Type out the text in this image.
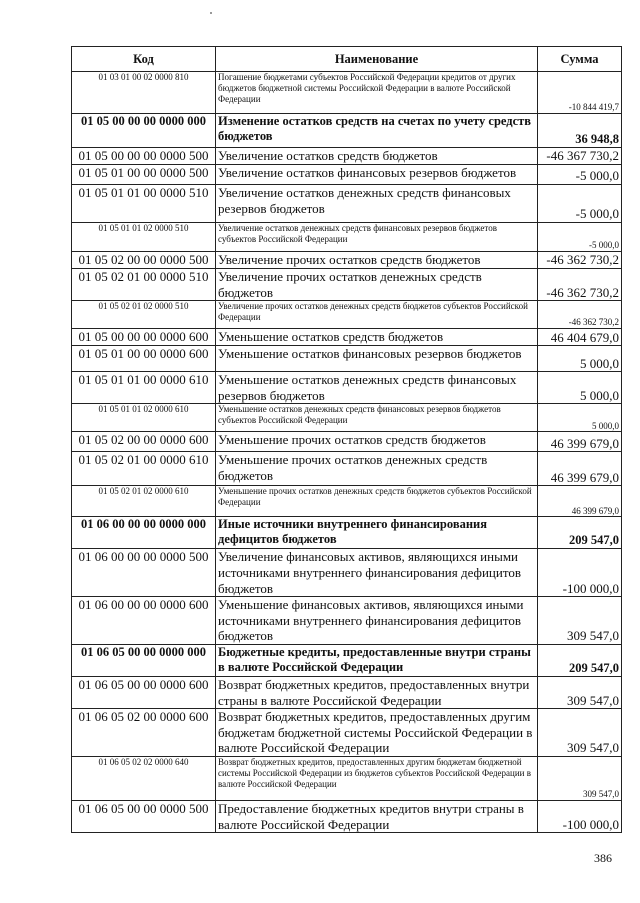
Код	Наименование	Сумма
01 03 01 00 02 0000 810	Погашение бюджетами субъектов Российской Федерации кредитов от других бюджетов бюджетной системы Российской Федерации в валюте Российской Федерации	-10 844 419,7
01 05 00 00 00 0000 000	Изменение остатков средств на счетах по учету средств бюджетов	36 948,8
01 05 00 00 00 0000 500	Увеличение остатков средств бюджетов	-46 367 730,2
01 05 01 00 00 0000 500	Увеличение остатков финансовых резервов бюджетов	-5 000,0
01 05 01 01 00 0000 510	Увеличение остатков денежных средств финансовых резервов бюджетов	-5 000,0
01 05 01 01 02 0000 510	Увеличение остатков денежных средств финансовых резервов бюджетов субъектов Российской Федерации	-5 000,0
01 05 02 00 00 0000 500	Увеличение прочих остатков средств бюджетов	-46 362 730,2
01 05 02 01 00 0000 510	Увеличение прочих остатков денежных средств бюджетов	-46 362 730,2
01 05 02 01 02 0000 510	Увеличение прочих остатков денежных средств бюджетов субъектов Российской Федерации	-46 362 730,2
01 05 00 00 00 0000 600	Уменьшение остатков средств бюджетов	46 404 679,0
01 05 01 00 00 0000 600	Уменьшение остатков финансовых резервов бюджетов	5 000,0
01 05 01 01 00 0000 610	Уменьшение остатков денежных средств финансовых резервов бюджетов	5 000,0
01 05 01 01 02 0000 610	Уменьшение остатков денежных средств финансовых резервов бюджетов субъектов Российской Федерации	5 000,0
01 05 02 00 00 0000 600	Уменьшение прочих остатков средств бюджетов	46 399 679,0
01 05 02 01 00 0000 610	Уменьшение прочих остатков денежных средств бюджетов	46 399 679,0
01 05 02 01 02 0000 610	Уменьшение прочих остатков денежных средств бюджетов субъектов Российской Федерации	46 399 679,0
01 06 00 00 00 0000 000	Иные источники внутреннего финансирования дефицитов бюджетов	209 547,0
01 06 00 00 00 0000 500	Увеличение финансовых активов, являющихся иными источниками внутреннего финансирования дефицитов бюджетов	-100 000,0
01 06 00 00 00 0000 600	Уменьшение финансовых активов, являющихся иными источниками внутреннего финансирования дефицитов бюджетов	309 547,0
01 06 05 00 00 0000 000	Бюджетные кредиты, предоставленные внутри страны в валюте Российской Федерации	209 547,0
01 06 05 00 00 0000 600	Возврат бюджетных кредитов, предоставленных внутри страны в валюте Российской Федерации	309 547,0
01 06 05 02 00 0000 600	Возврат бюджетных кредитов, предоставленных другим бюджетам бюджетной системы Российской Федерации в валюте Российской Федерации	309 547,0
01 06 05 02 02 0000 640	Возврат бюджетных кредитов, предоставленных другим бюджетам бюджетной системы Российской Федерации из бюджетов субъектов Российской Федерации в валюте Российской Федерации	309 547,0
01 06 05 00 00 0000 500	Предоставление бюджетных кредитов внутри страны в валюте Российской Федерации	-100 000,0
386
